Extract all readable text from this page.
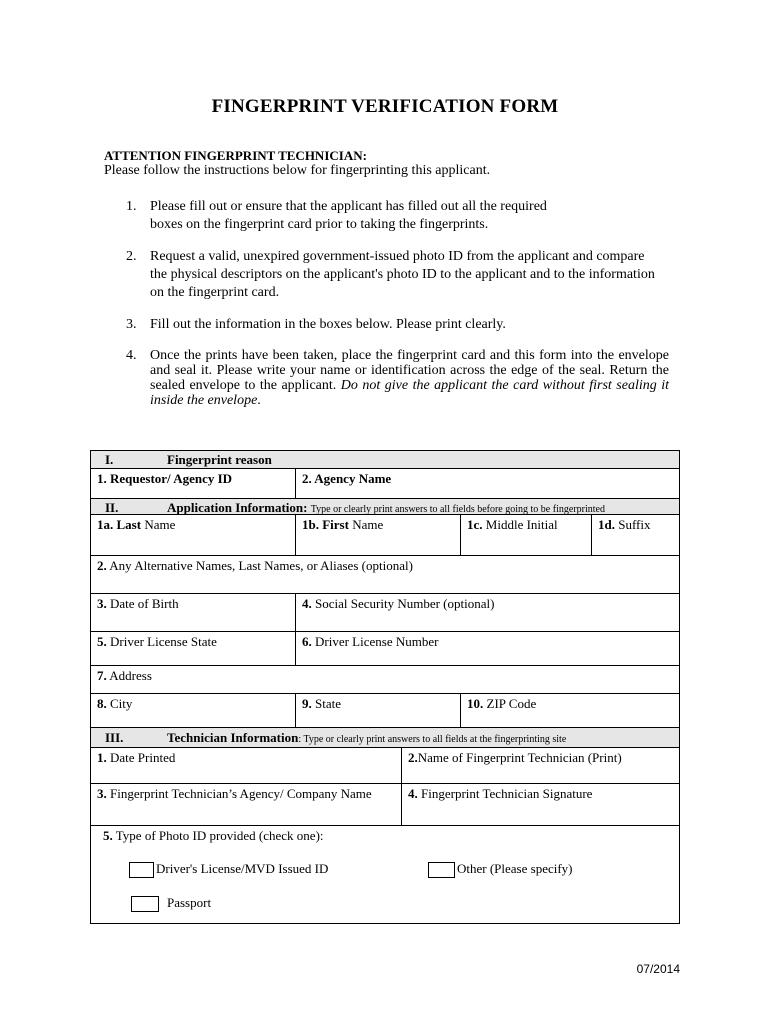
FINGERPRINT VERIFICATION FORM
ATTENTION FINGERPRINT TECHNICIAN:
Please follow the instructions below for fingerprinting this applicant.
1. Please fill out or ensure that the applicant has filled out all the required boxes on the fingerprint card prior to taking the fingerprints.
2. Request a valid, unexpired government-issued photo ID from the applicant and compare the physical descriptors on the applicant's photo ID to the applicant and to the information on the fingerprint card.
3. Fill out the information in the boxes below. Please print clearly.
4. Once the prints have been taken, place the fingerprint card and this form into the envelope and seal it. Please write your name or identification across the edge of the seal. Return the sealed envelope to the applicant. Do not give the applicant the card without first sealing it inside the envelope.
I.	Fingerprint reason
1. Requestor/ Agency ID	2. Agency Name
II.	Application Information: Type or clearly print answers to all fields before going to be fingerprinted
1a. Last Name	1b. First Name	1c. Middle Initial	1d. Suffix
2. Any Alternative Names, Last Names, or Aliases (optional)
3. Date of Birth	4. Social Security Number (optional)
5. Driver License State	6. Driver License Number
7. Address
8. City	9. State	10. ZIP Code
III.	Technician Information: Type or clearly print answers to all fields at the fingerprinting site
1. Date Printed	2.Name of Fingerprint Technician (Print)
3. Fingerprint Technician’s Agency/ Company Name	4. Fingerprint Technician Signature
5. Type of Photo ID provided (check one):
Driver's License/MVD Issued ID	Other (Please specify)
Passport
07/2014
